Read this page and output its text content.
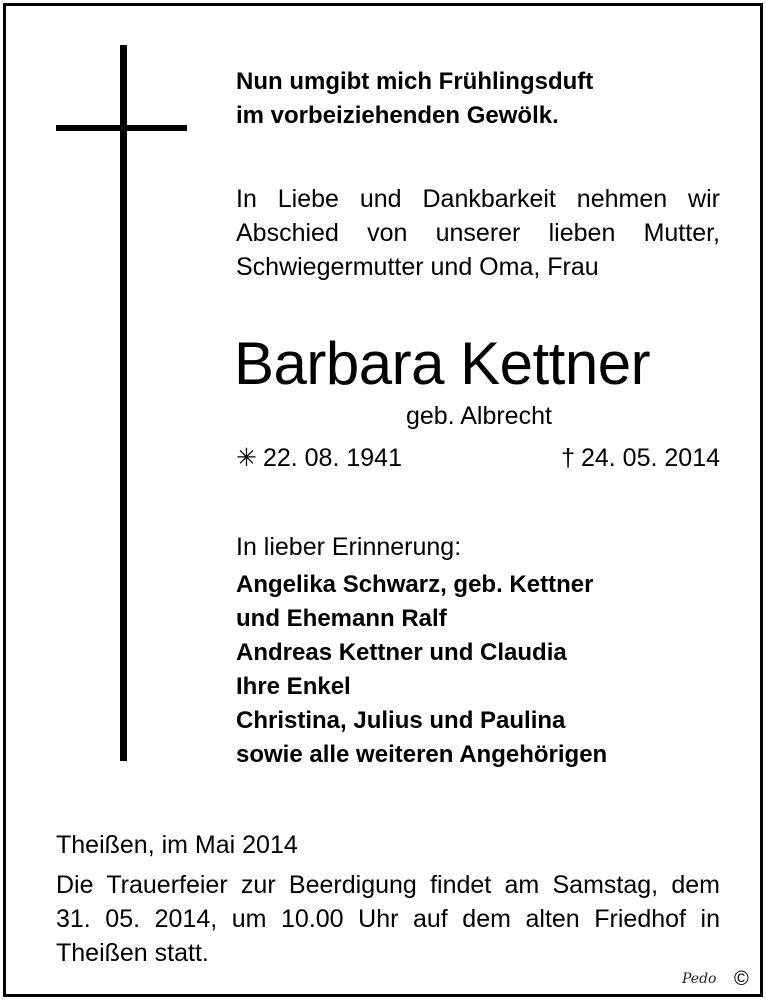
Nun umgibt mich Frühlingsduft
im vorbeiziehenden Gewölk.
In Liebe und Dankbarkeit nehmen wir
Abschied von unserer lieben Mutter,
Schwiegermutter und Oma, Frau
Barbara Kettner
geb. Albrecht
✳ 22. 08. 1941	† 24. 05. 2014
In lieber Erinnerung:
Angelika Schwarz, geb. Kettner
und Ehemann Ralf
Andreas Kettner und Claudia
Ihre Enkel
Christina, Julius und Paulina
sowie alle weiteren Angehörigen
Theißen, im Mai 2014
Die Trauerfeier zur Beerdigung findet am Samstag, dem
31. 05. 2014, um 10.00 Uhr auf dem alten Friedhof in
Theißen statt.
Pedo ©
